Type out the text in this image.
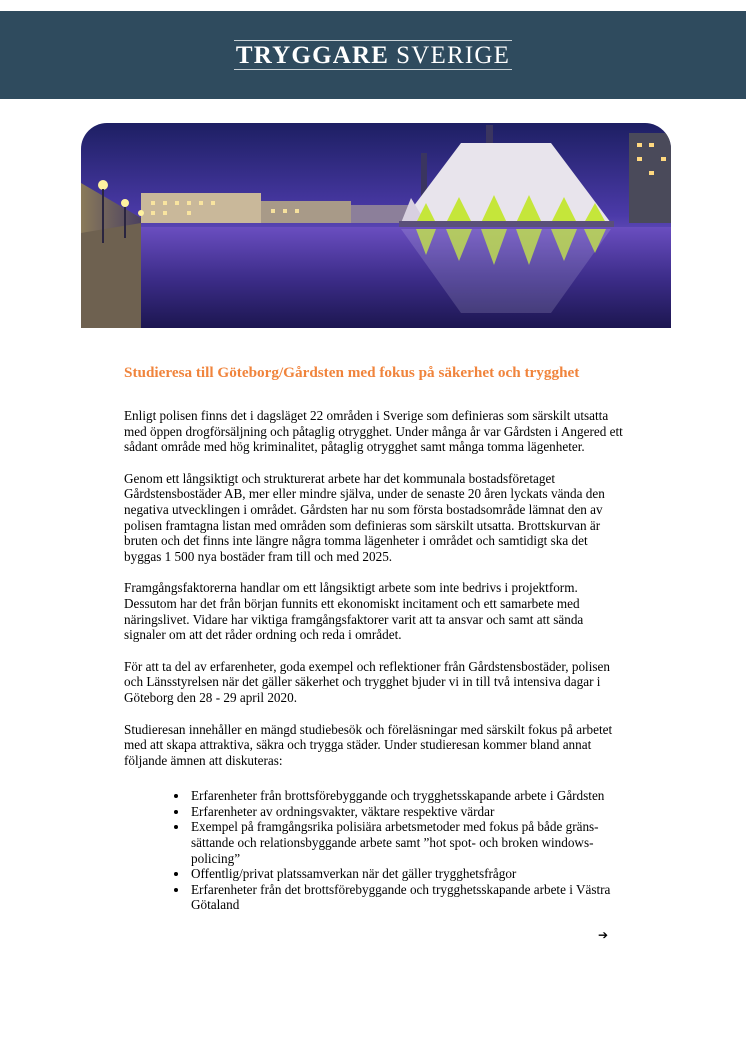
TRYGGARE SVERIGE
Studieresa till Göteborg/Gårdsten med fokus på säkerhet och trygghet

Enligt polisen finns det i dagsläget 22 områden i Sverige som definieras som särskilt utsatta med öppen drogförsäljning och påtaglig otrygghet. Under många år var Gårdsten i Angered ett sådant område med hög kriminalitet, påtaglig otrygghet samt många tomma lägenheter.

Genom ett långsiktigt och strukturerat arbete har det kommunala bostadsföretaget Gårdstensbostäder AB, mer eller mindre själva, under de senaste 20 åren lyckats vända den negativa utvecklingen i området. Gårdsten har nu som första bostadsområde lämnat den av polisen framtagna listan med områden som definieras som särskilt utsatta. Brottskurvan är bruten och det finns inte längre några tomma lägenheter i området och samtidigt ska det byggas 1 500 nya bostäder fram till och med 2025.

Framgångsfaktorerna handlar om ett långsiktigt arbete som inte bedrivs i projektform. Dessutom har det från början funnits ett ekonomiskt incitament och ett samarbete med näringslivet. Vidare har viktiga framgångsfaktorer varit att ta ansvar och samt att sända signaler om att det råder ordning och reda i området.

För att ta del av erfarenheter, goda exempel och reflektioner från Gårdstensbostäder, polisen och Länsstyrelsen när det gäller säkerhet och trygghet bjuder vi in till två intensiva dagar i Göteborg den 28 - 29 april 2020.

Studieresan innehåller en mängd studiebesök och föreläsningar med särskilt fokus på arbetet med att skapa attraktiva, säkra och trygga städer. Under studieresan kommer bland annat följande ämnen att diskuteras:

• Erfarenheter från brottsförebyggande och trygghetsskapande arbete i Gårdsten
• Erfarenheter av ordningsvakter, väktare respektive värdar
• Exempel på framgångsrika polisiära arbetsmetoder med fokus på både gräns-sättande och relationsbyggande arbete samt ”hot spot- och broken windows-policing”
• Offentlig/privat platssamverkan när det gäller trygghetsfrågor
• Erfarenheter från det brottsförebyggande och trygghetsskapande arbete i Västra Götaland
➔
